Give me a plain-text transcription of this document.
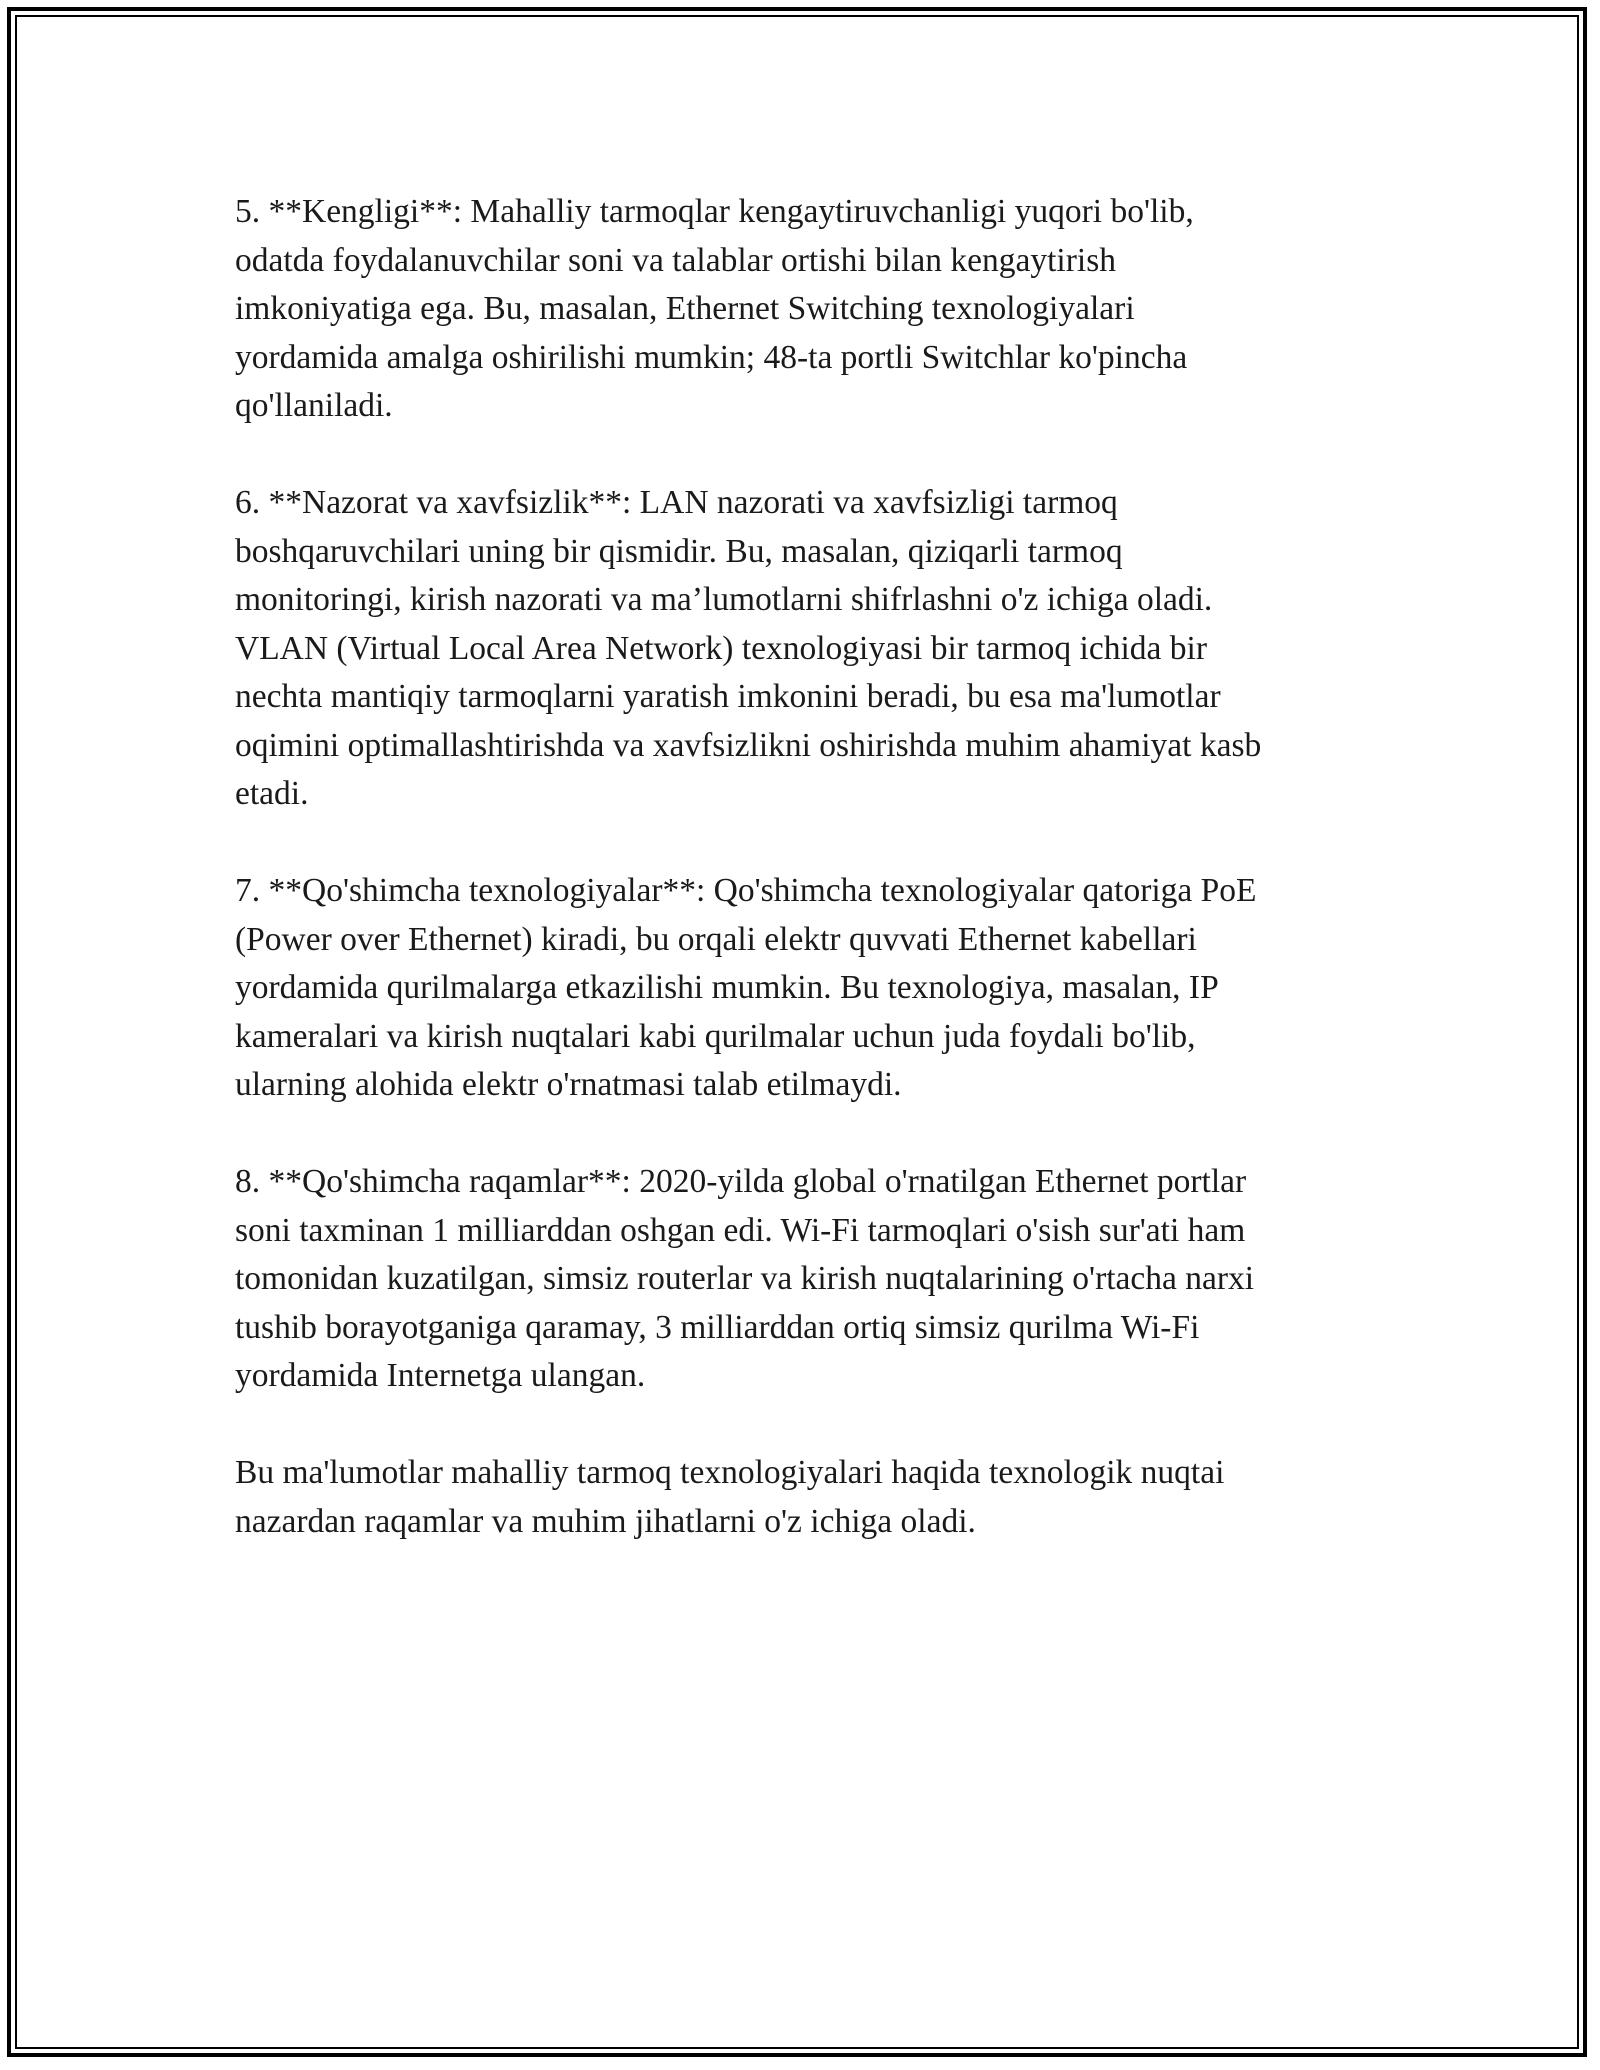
5. **Kengligi**: Mahalliy tarmoqlar kengaytiruvchanligi yuqori bo'lib,
odatda foydalanuvchilar soni va talablar ortishi bilan kengaytirish
imkoniyatiga ega. Bu, masalan, Ethernet Switching texnologiyalari
yordamida amalga oshirilishi mumkin; 48-ta portli Switchlar ko'pincha
qo'llaniladi.

6. **Nazorat va xavfsizlik**: LAN nazorati va xavfsizligi tarmoq
boshqaruvchilari uning bir qismidir. Bu, masalan, qiziqarli tarmoq
monitoringi, kirish nazorati va ma’lumotlarni shifrlashni o'z ichiga oladi.
VLAN (Virtual Local Area Network) texnologiyasi bir tarmoq ichida bir
nechta mantiqiy tarmoqlarni yaratish imkonini beradi, bu esa ma'lumotlar
oqimini optimallashtirishda va xavfsizlikni oshirishda muhim ahamiyat kasb
etadi.

7. **Qo'shimcha texnologiyalar**: Qo'shimcha texnologiyalar qatoriga PoE
(Power over Ethernet) kiradi, bu orqali elektr quvvati Ethernet kabellari
yordamida qurilmalarga etkazilishi mumkin. Bu texnologiya, masalan, IP
kameralari va kirish nuqtalari kabi qurilmalar uchun juda foydali bo'lib,
ularning alohida elektr o'rnatmasi talab etilmaydi.

8. **Qo'shimcha raqamlar**: 2020-yilda global o'rnatilgan Ethernet portlar
soni taxminan 1 milliarddan oshgan edi. Wi-Fi tarmoqlari o'sish sur'ati ham
tomonidan kuzatilgan, simsiz routerlar va kirish nuqtalarining o'rtacha narxi
tushib borayotganiga qaramay, 3 milliarddan ortiq simsiz qurilma Wi-Fi
yordamida Internetga ulangan.

Bu ma'lumotlar mahalliy tarmoq texnologiyalari haqida texnologik nuqtai
nazardan raqamlar va muhim jihatlarni o'z ichiga oladi.
